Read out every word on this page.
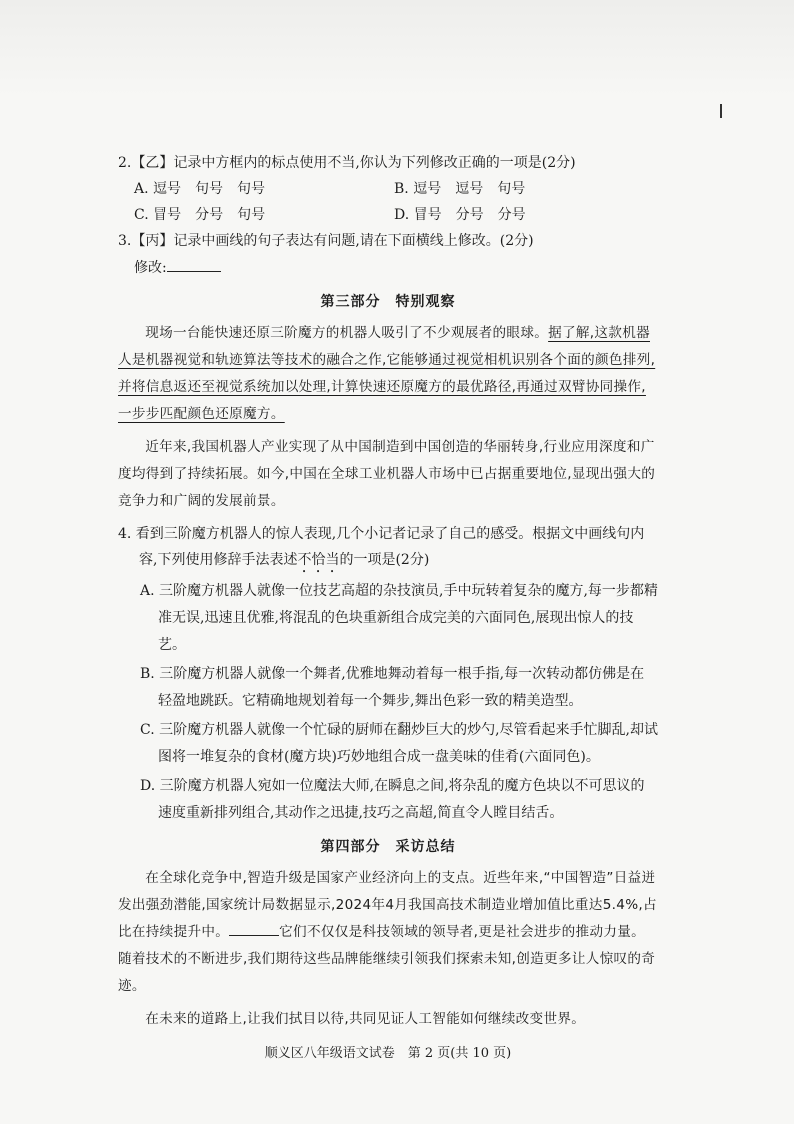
2.【乙】记录中方框内的标点使用不当,你认为下列修改正确的一项是(2分)

A. 逗号　句号　句号	B. 逗号　逗号　句号
C. 冒号　分号　句号	D. 冒号　分号　分号

3.【丙】记录中画线的句子表达有问题,请在下面横线上修改。(2分)

修改:
第三部分　特别观察

现场一台能快速还原三阶魔方的机器人吸引了不少观展者的眼球。据了解,这款机器人是机器视觉和轨迹算法等技术的融合之作,它能够通过视觉相机识别各个面的颜色排列,并将信息返还至视觉系统加以处理,计算快速还原魔方的最优路径,再通过双臂协同操作,一步步匹配颜色还原魔方。

近年来,我国机器人产业实现了从中国制造到中国创造的华丽转身,行业应用深度和广度均得到了持续拓展。如今,中国在全球工业机器人市场中已占据重要地位,显现出强大的竞争力和广阔的发展前景。

4. 看到三阶魔方机器人的惊人表现,几个小记者记录了自己的感受。根据文中画线句内容,下列使用修辞手法表述不恰当的一项是(2分)

A. 三阶魔方机器人就像一位技艺高超的杂技演员,手中玩转着复杂的魔方,每一步都精准无误,迅速且优雅,将混乱的色块重新组合成完美的六面同色,展现出惊人的技艺。

B. 三阶魔方机器人就像一个舞者,优雅地舞动着每一根手指,每一次转动都仿佛是在轻盈地跳跃。它精确地规划着每一个舞步,舞出色彩一致的精美造型。

C. 三阶魔方机器人就像一个忙碌的厨师在翻炒巨大的炒勺,尽管看起来手忙脚乱,却试图将一堆复杂的食材(魔方块)巧妙地组合成一盘美味的佳肴(六面同色)。

D. 三阶魔方机器人宛如一位魔法大师,在瞬息之间,将杂乱的魔方色块以不可思议的速度重新排列组合,其动作之迅捷,技巧之高超,简直令人瞠目结舌。

第四部分　采访总结

在全球化竞争中,智造升级是国家产业经济向上的支点。近些年来,“中国智造”日益迸发出强劲潜能,国家统计局数据显示,2024年4月我国高技术制造业增加值比重达5.4%,占比在持续提升中。	它们不仅仅是科技领域的领导者,更是社会进步的推动力量。随着技术的不断进步,我们期待这些品牌能继续引领我们探索未知,创造更多让人惊叹的奇迹。

在未来的道路上,让我们拭目以待,共同见证人工智能如何继续改变世界。

顺义区八年级语文试卷　第 2 页(共 10 页)
